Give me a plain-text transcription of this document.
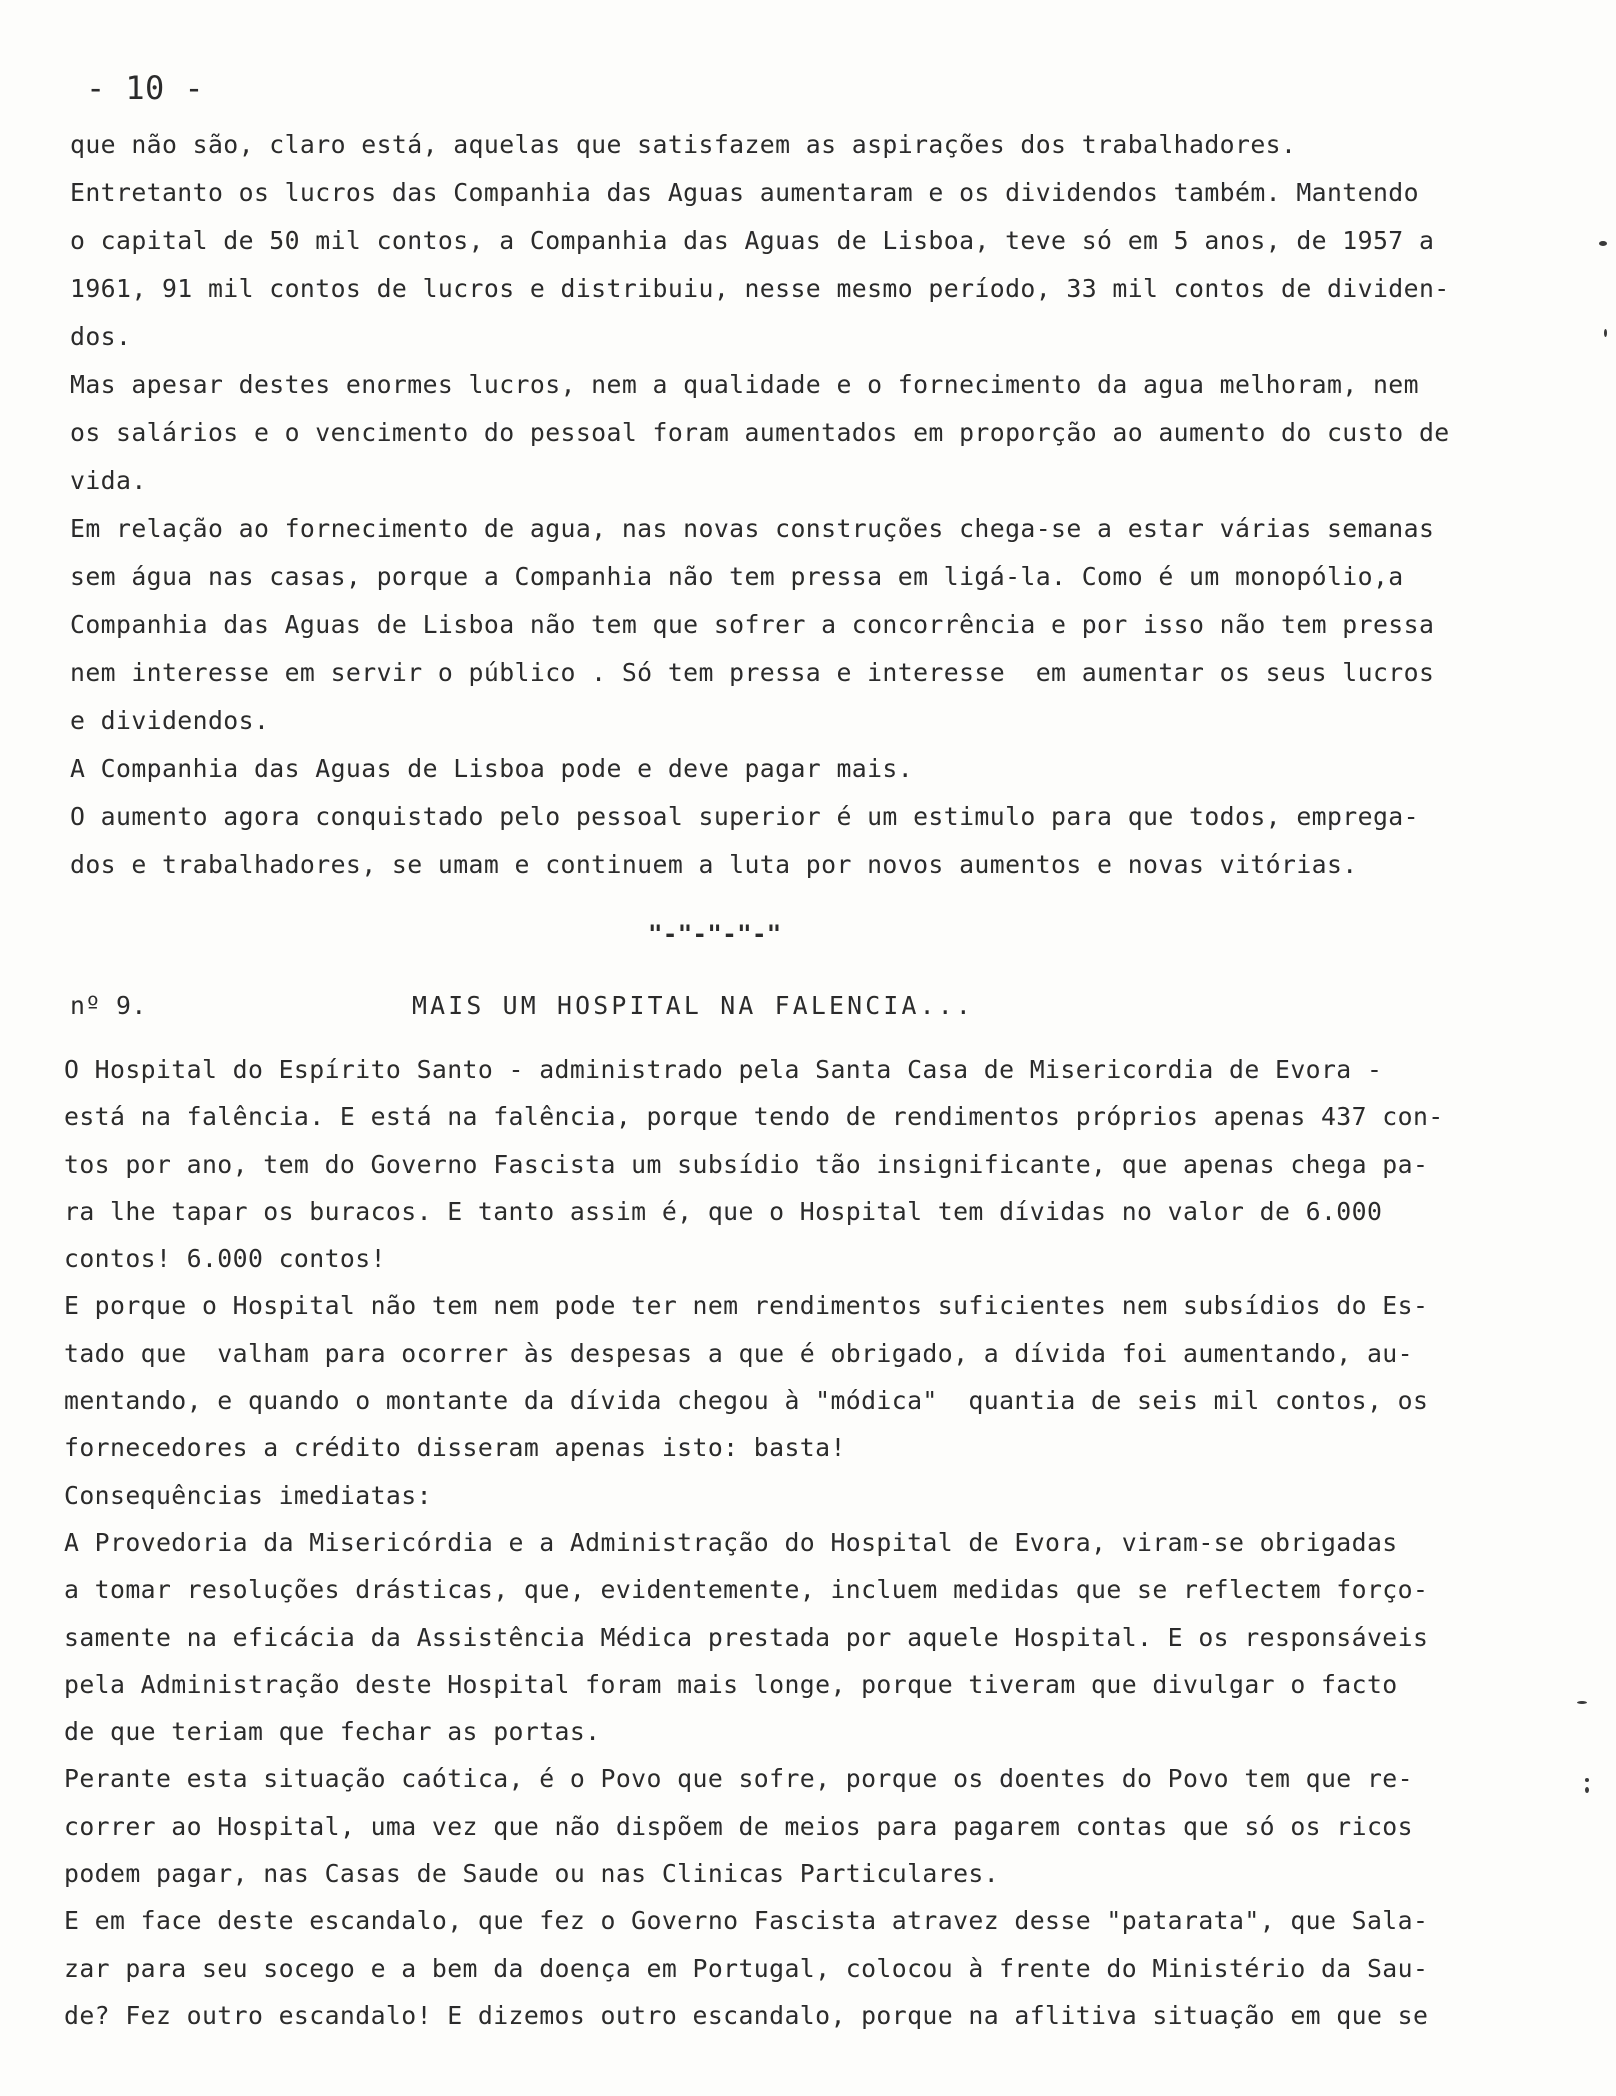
- 10 -
que não são, claro está, aquelas que satisfazem as aspirações dos trabalhadores.
Entretanto os lucros das Companhia das Aguas aumentaram e os dividendos também. Mantendo
o capital de 50 mil contos, a Companhia das Aguas de Lisboa, teve só em 5 anos, de 1957 a
1961, 91 mil contos de lucros e distribuiu, nesse mesmo período, 33 mil contos de dividen-
dos.
Mas apesar destes enormes lucros, nem a qualidade e o fornecimento da agua melhoram, nem
os salários e o vencimento do pessoal foram aumentados em proporção ao aumento do custo de
vida.
Em relação ao fornecimento de agua, nas novas construções chega-se a estar várias semanas
sem água nas casas, porque a Companhia não tem pressa em ligá-la. Como é um monopólio,a
Companhia das Aguas de Lisboa não tem que sofrer a concorrência e por isso não tem pressa
nem interesse em servir o público . Só tem pressa e interesse  em aumentar os seus lucros
e dividendos.
A Companhia das Aguas de Lisboa pode e deve pagar mais.
O aumento agora conquistado pelo pessoal superior é um estimulo para que todos, emprega-
dos e trabalhadores, se umam e continuem a luta por novos aumentos e novas vitórias.
"-"-"-"-"
nº 9.	MAIS UM HOSPITAL NA FALENCIA...
O Hospital do Espírito Santo - administrado pela Santa Casa de Misericordia de Evora -
está na falência. E está na falência, porque tendo de rendimentos próprios apenas 437 con-
tos por ano, tem do Governo Fascista um subsídio tão insignificante, que apenas chega pa-
ra lhe tapar os buracos. E tanto assim é, que o Hospital tem dívidas no valor de 6.000
contos! 6.000 contos!
E porque o Hospital não tem nem pode ter nem rendimentos suficientes nem subsídios do Es-
tado que  valham para ocorrer às despesas a que é obrigado, a dívida foi aumentando, au-
mentando, e quando o montante da dívida chegou à "módica"  quantia de seis mil contos, os
fornecedores a crédito disseram apenas isto: basta!
Consequências imediatas:
A Provedoria da Misericórdia e a Administração do Hospital de Evora, viram-se obrigadas
a tomar resoluções drásticas, que, evidentemente, incluem medidas que se reflectem forço-
samente na eficácia da Assistência Médica prestada por aquele Hospital. E os responsáveis
pela Administração deste Hospital foram mais longe, porque tiveram que divulgar o facto
de que teriam que fechar as portas.
Perante esta situação caótica, é o Povo que sofre, porque os doentes do Povo tem que re-
correr ao Hospital, uma vez que não dispõem de meios para pagarem contas que só os ricos
podem pagar, nas Casas de Saude ou nas Clinicas Particulares.
E em face deste escandalo, que fez o Governo Fascista atravez desse "patarata", que Sala-
zar para seu socego e a bem da doença em Portugal, colocou à frente do Ministério da Sau-
de? Fez outro escandalo! E dizemos outro escandalo, porque na aflitiva situação em que se
